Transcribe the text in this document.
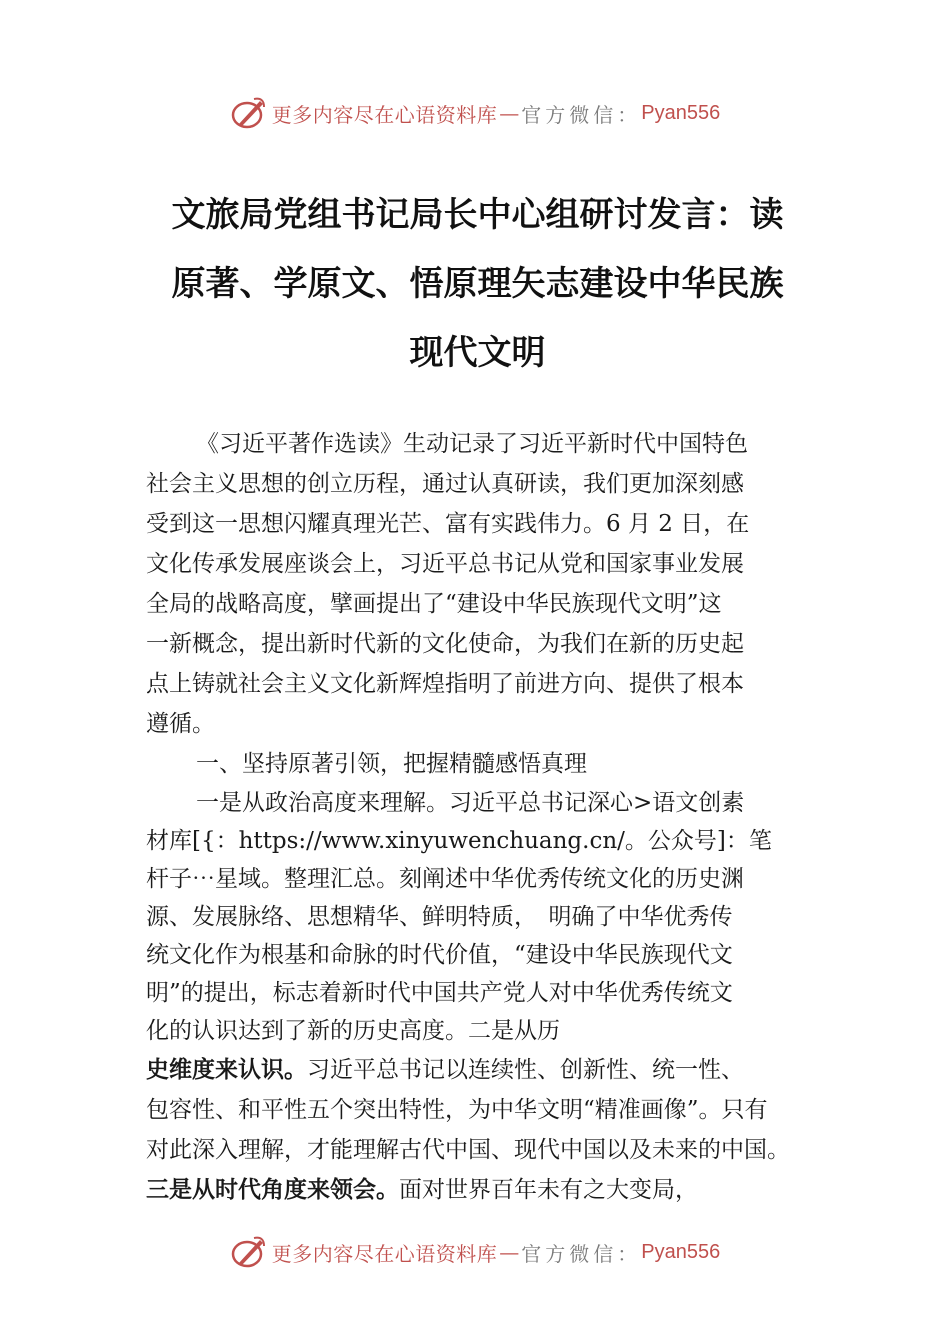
更多内容尽在心语资料库 — 官方微信： Pyan556
文旅局党组书记局长中心组研讨发言：读
原著、学原文、悟原理矢志建设中华民族
现代文明

《习近平著作选读》生动记录了习近平新时代中国特色
社会主义思想的创立历程，通过认真研读，我们更加深刻感
受到这一思想闪耀真理光芒、富有实践伟力。6 月 2 日，在
文化传承发展座谈会上，习近平总书记从党和国家事业发展
全局的战略高度，擘画提出了“建设中华民族现代文明”这
一新概念，提出新时代新的文化使命，为我们在新的历史起
点上铸就社会主义文化新辉煌指明了前进方向、提供了根本
遵循。

一、坚持原著引领，把握精髓感悟真理

一是从政治高度来理解。习近平总书记深心>语文创素
材库[{：https://www.xinyuwenchuang.cn/。公众号]：笔
杆子⋯星域。整理汇总。刻阐述中华优秀传统文化的历史渊
源、发展脉络、思想精华、鲜明特质，　明确了中华优秀传
统文化作为根基和命脉的时代价值，“建设中华民族现代文
明”的提出，标志着新时代中国共产党人对中华优秀传统文
化的认识达到了新的历史高度。二是从历

史维度来认识。习近平总书记以连续性、创新性、统一性、
包容性、和平性五个突出特性，为中华文明“精准画像”。只有
对此深入理解，才能理解古代中国、现代中国以及未来的中国。

三是从时代角度来领会。面对世界百年未有之大变局，

更多内容尽在心语资料库 — 官方微信： Pyan556
